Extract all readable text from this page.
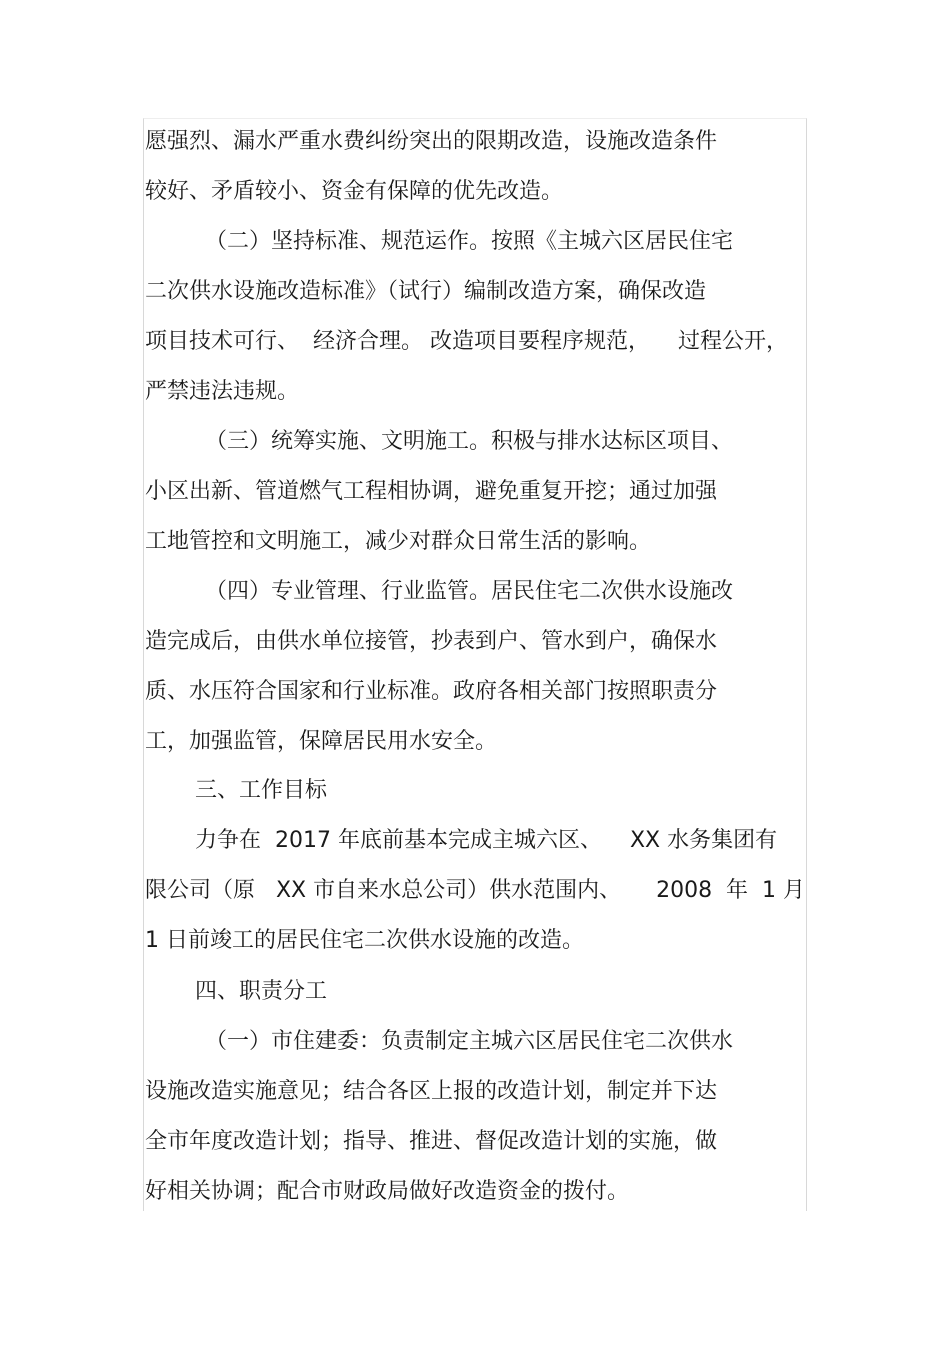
愿强烈、漏水严重水费纠纷突出的限期改造，设施改造条件
较好、矛盾较小、资金有保障的优先改造。
（二）坚持标准、规范运作。按照《主城六区居民住宅
二次供水设施改造标准》（试行）编制改造方案，确保改造
项目技术可行、  经济合理。 改造项目要程序规范，    过程公开，
严禁违法违规。
（三）统筹实施、文明施工。积极与排水达标区项目、
小区出新、管道燃气工程相协调，避免重复开挖；通过加强
工地管控和文明施工，减少对群众日常生活的影响。
（四）专业管理、行业监管。居民住宅二次供水设施改
造完成后，由供水单位接管，抄表到户、管水到户，确保水
质、水压符合国家和行业标准。政府各相关部门按照职责分
工，加强监管，保障居民用水安全。
三、工作目标
力争在  2017 年底前基本完成主城六区、    XX 水务集团有
限公司（原   XX 市自来水总公司）供水范围内、     2008  年  1 月
1 日前竣工的居民住宅二次供水设施的改造。
四、职责分工
（一）市住建委：负责制定主城六区居民住宅二次供水
设施改造实施意见；结合各区上报的改造计划，制定并下达
全市年度改造计划；指导、推进、督促改造计划的实施，做
好相关协调；配合市财政局做好改造资金的拨付。
